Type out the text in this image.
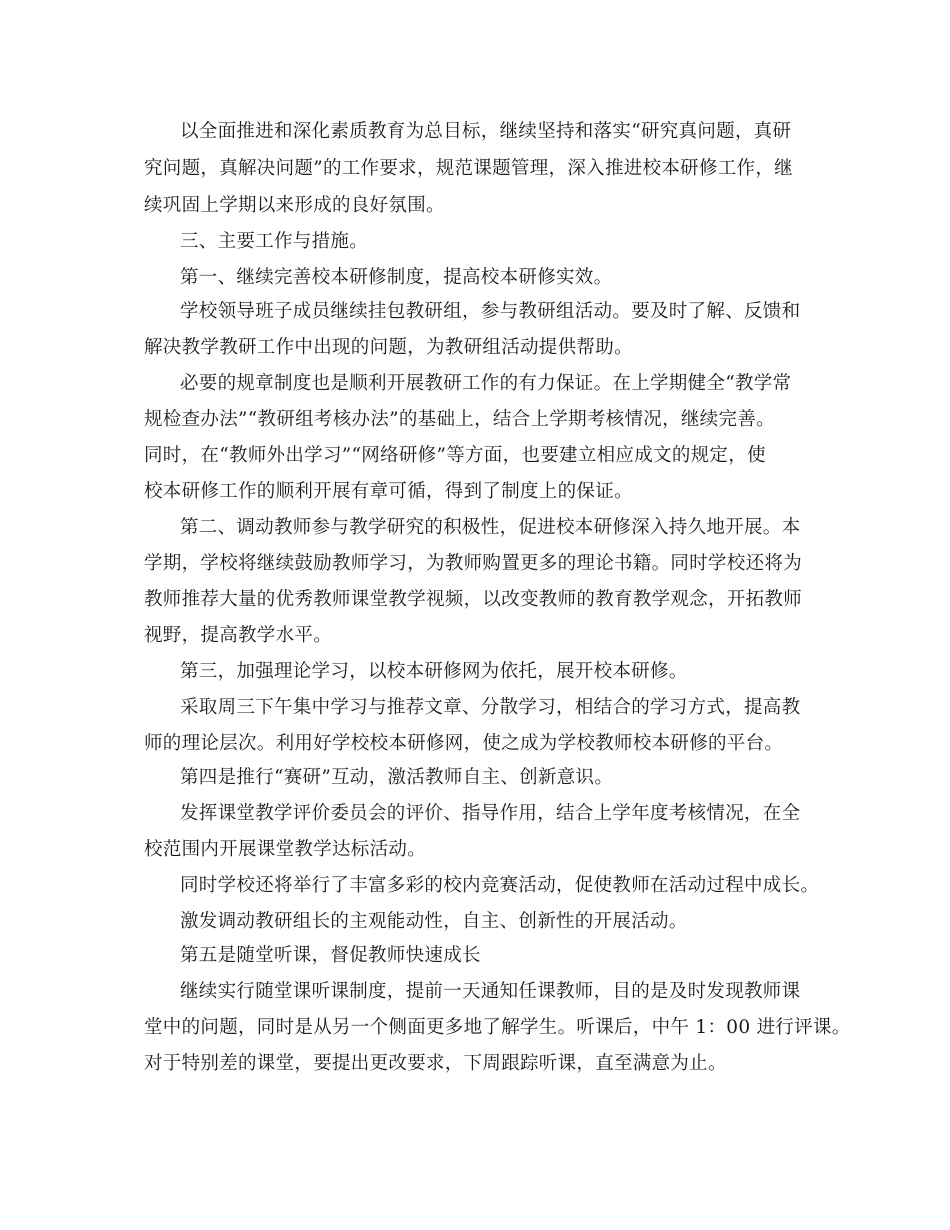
以全面推进和深化素质教育为总目标，继续坚持和落实“研究真问题，真研
究问题，真解决问题”的工作要求，规范课题管理，深入推进校本研修工作，继
续巩固上学期以来形成的良好氛围。
三、主要工作与措施。
第一、继续完善校本研修制度，提高校本研修实效。
学校领导班子成员继续挂包教研组，参与教研组活动。要及时了解、反馈和
解决教学教研工作中出现的问题，为教研组活动提供帮助。
必要的规章制度也是顺利开展教研工作的有力保证。在上学期健全“教学常
规检查办法”“教研组考核办法”的基础上，结合上学期考核情况，继续完善。
同时，在“教师外出学习”“网络研修”等方面，也要建立相应成文的规定，使
校本研修工作的顺利开展有章可循，得到了制度上的保证。
第二、调动教师参与教学研究的积极性，促进校本研修深入持久地开展。本
学期，学校将继续鼓励教师学习，为教师购置更多的理论书籍。同时学校还将为
教师推荐大量的优秀教师课堂教学视频，以改变教师的教育教学观念，开拓教师
视野，提高教学水平。
第三，加强理论学习，以校本研修网为依托，展开校本研修。
采取周三下午集中学习与推荐文章、分散学习，相结合的学习方式，提高教
师的理论层次。利用好学校校本研修网，使之成为学校教师校本研修的平台。
第四是推行“赛研”互动，激活教师自主、创新意识。
发挥课堂教学评价委员会的评价、指导作用，结合上学年度考核情况，在全
校范围内开展课堂教学达标活动。
同时学校还将举行了丰富多彩的校内竞赛活动，促使教师在活动过程中成长。
激发调动教研组长的主观能动性，自主、创新性的开展活动。
第五是随堂听课，督促教师快速成长
继续实行随堂课听课制度，提前一天通知任课教师，目的是及时发现教师课
堂中的问题，同时是从另一个侧面更多地了解学生。听课后，中午 1：00 进行评课。
对于特别差的课堂，要提出更改要求，下周跟踪听课，直至满意为止。
